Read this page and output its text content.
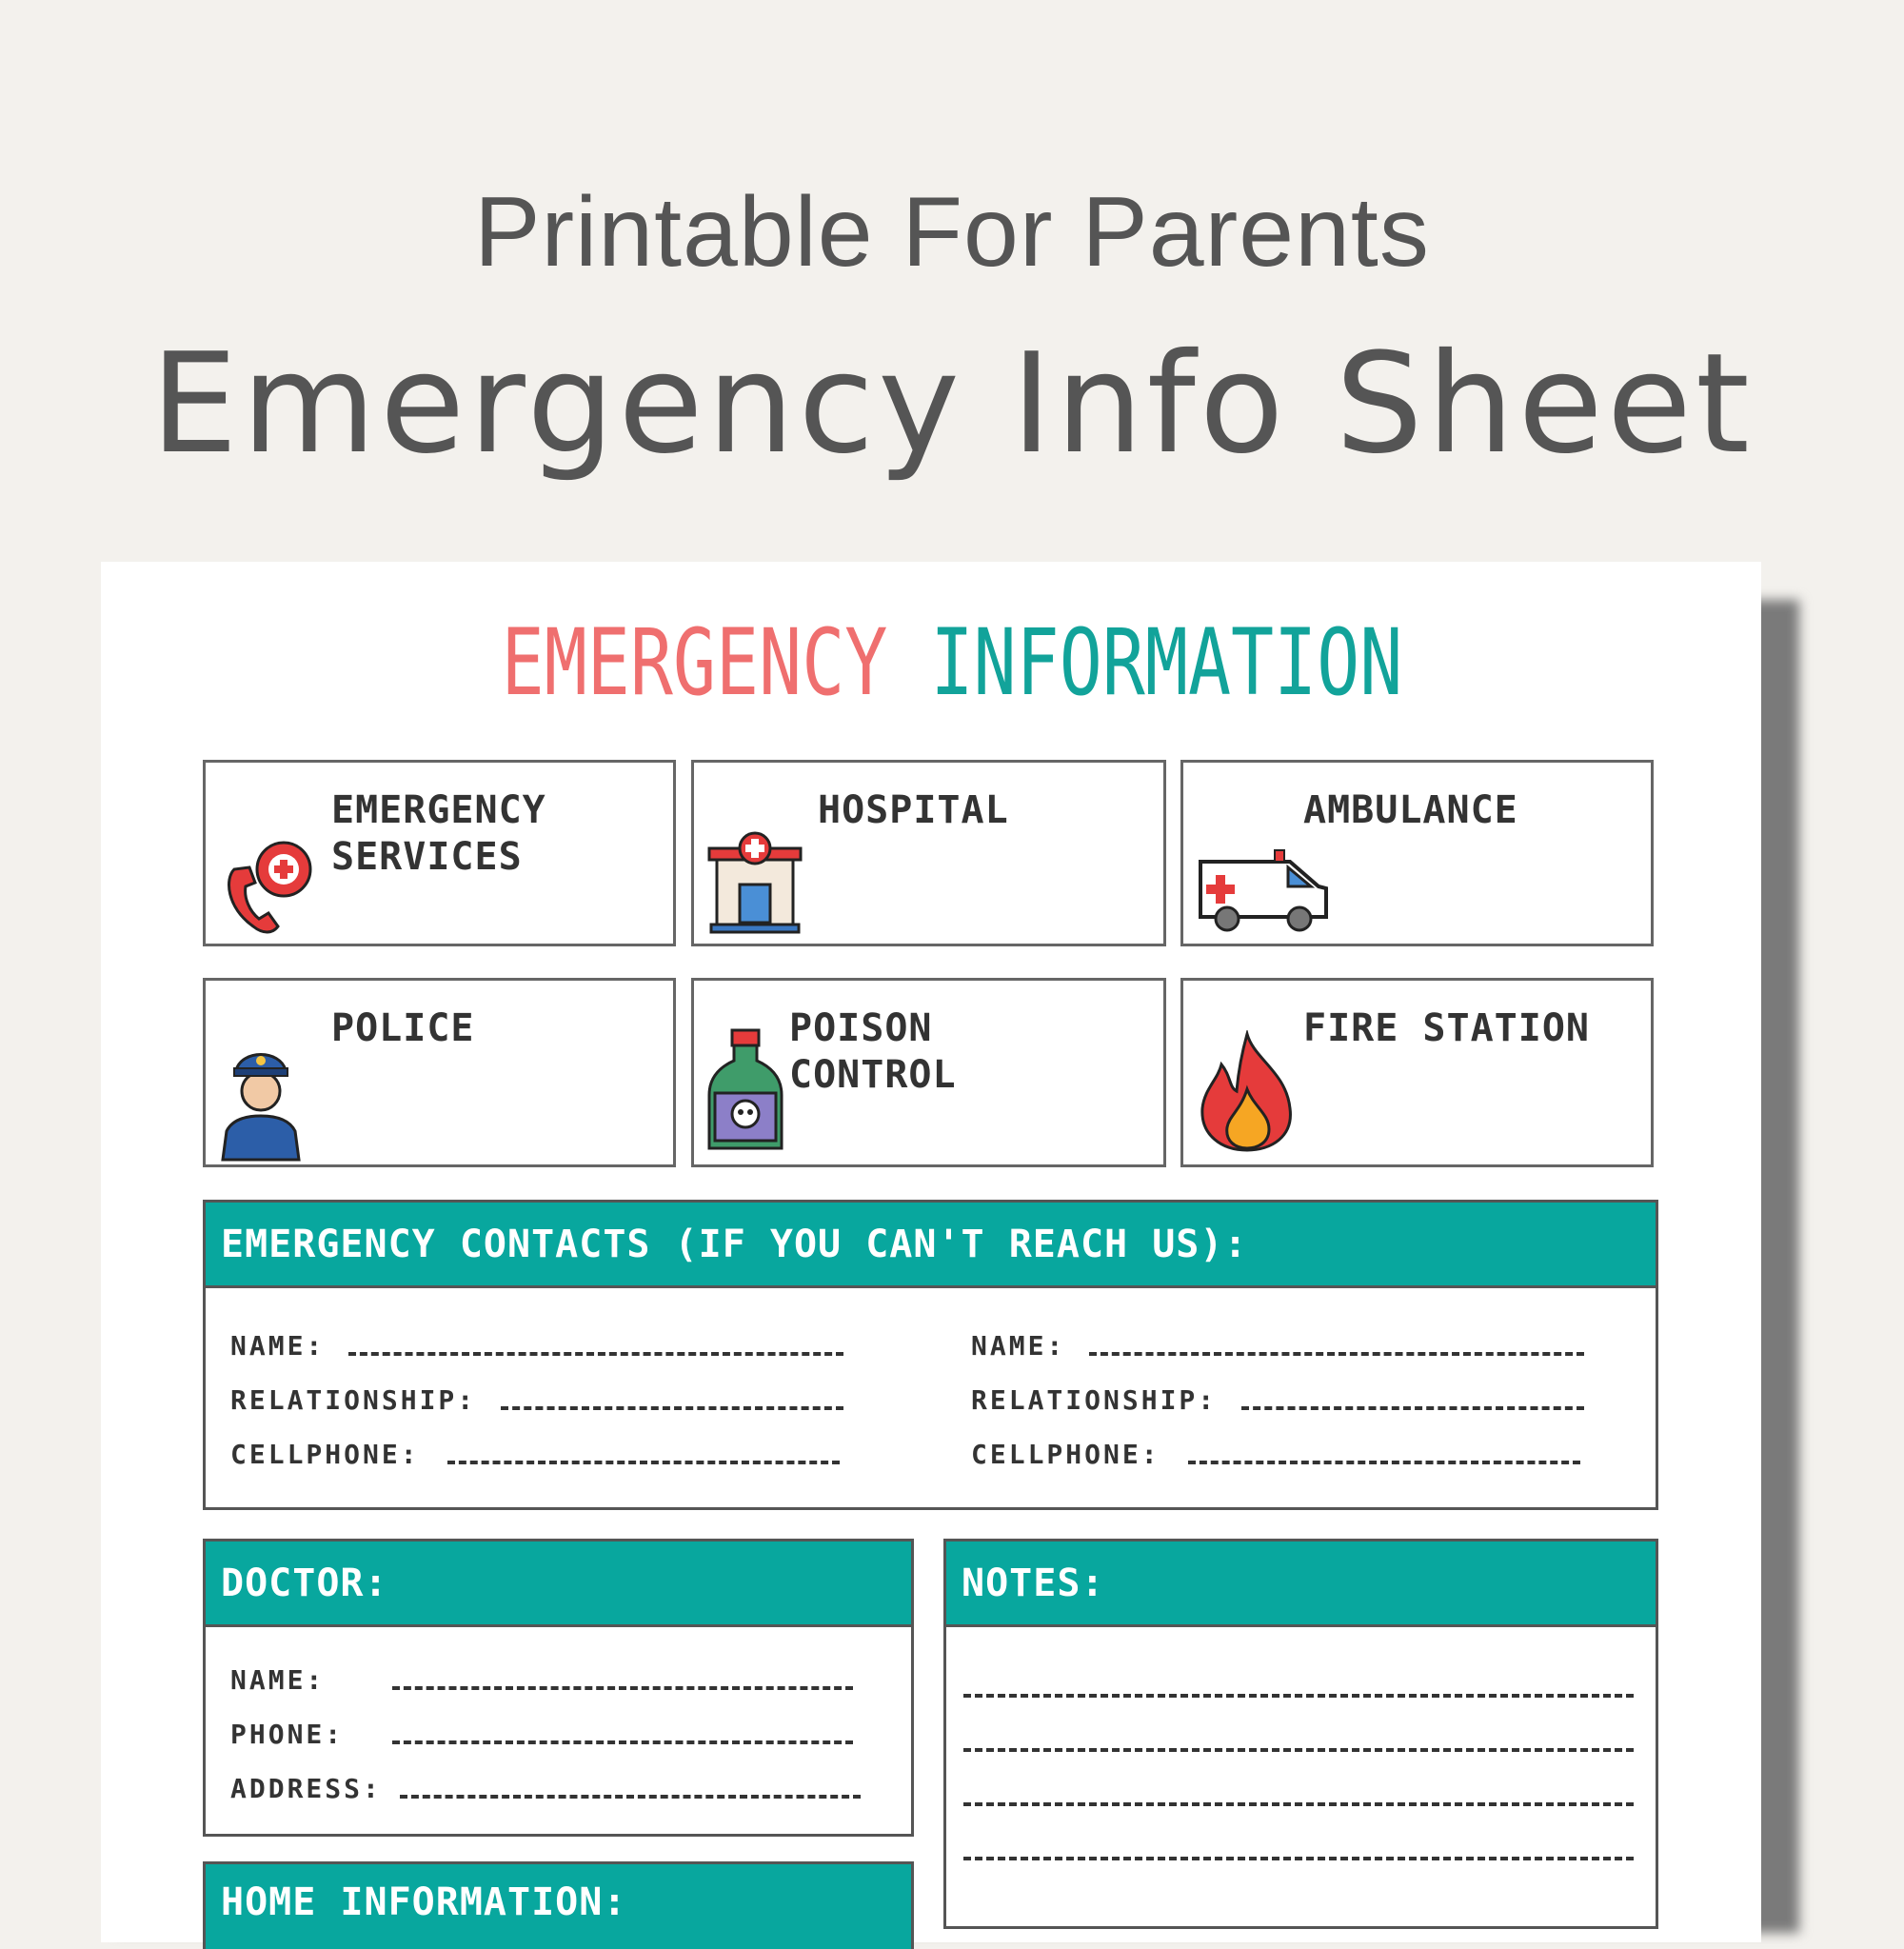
Printable For Parents
Emergency Info Sheet
EMERGENCY INFORMATION
EMERGENCY
SERVICES
HOSPITAL	AMBULANCE
POLICE	POISON
CONTROL
FIRE STATION
EMERGENCY CONTACTS (IF YOU CAN'T REACH US):
NAME:
RELATIONSHIP:
CELLPHONE:
NAME:
RELATIONSHIP:
CELLPHONE:
DOCTOR:
NAME:
PHONE:
ADDRESS:
NOTES:
HOME INFORMATION:
